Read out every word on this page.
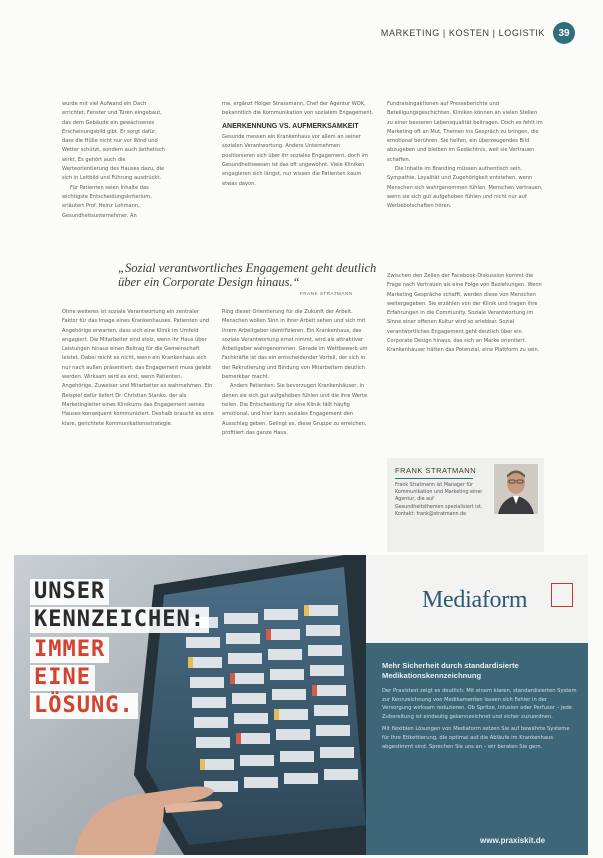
MARKETING | KOSTEN | LOGISTIK	39

wurde mit viel Aufwand ein Dach errichtet, Fenster und Türen eingebaut, das dem Gebäude ein gewachsenes Erscheinungsbild gibt. Er sorgt dafür, dass die Hülle nicht nur vor Wind und Wetter schützt, sondern auch ästhetisch wirkt. Es gehört auch die Werteorientierung des Hauses dazu, die sich in Leitbild und Führung ausdrückt.

Für Patienten seien Inhalte das wichtigste Entscheidungskriterium, erläutert Prof. Heinz Lohmann, Gesundheitsunternehmer. An

me, ergänzt Holger Strassmann, Chef der Agentur WOK, bekanntlich die Kommunikation von sozialem Engagement.

ANERKENNUNG VS. AUFMERKSAMKEIT

Gesunde messen ein Krankenhaus vor allem an seiner sozialen Verantwortung. Andere Unternehmen positionieren sich über ihr soziales Engagement, doch im Gesundheitswesen ist das oft ungewohnt. Viele Kliniken engagieren sich längst, nur wissen die Patienten kaum etwas davon.

Fundraisingaktionen auf Presseberichte und Beteiligungsgeschichten. Kliniken können an vielen Stellen zu einer besseren Lebensqualität beitragen. Doch es fehlt im Marketing oft an Mut, Themen ins Gespräch zu bringen, die emotional berühren. Sie helfen, ein überzeugendes Bild abzugeben und bleiben im Gedächtnis, weil sie Vertrauen schaffen.

Die Inhalte im Branding müssen authentisch sein. Sympathie, Loyalität und Zugehörigkeit entstehen, wenn Menschen sich wahrgenommen fühlen. Menschen vertrauen, wenn sie sich gut aufgehoben fühlen und nicht nur auf Werbebotschaften hören.

„Sozial verantwortliches Engagement geht deutlich über ein Corporate Design hinaus.“
FRANK STRATMANN

Ohne weiteres ist soziale Verantwortung ein zentraler Faktor für das Image eines Krankenhauses. Patienten und Angehörige erwarten, dass sich eine Klinik im Umfeld engagiert. Die Mitarbeiter sind stolz, wenn ihr Haus über Leistungen hinaus einen Beitrag für die Gemeinschaft leistet. Dabei reicht es nicht, wenn ein Krankenhaus sich nur nach außen präsentiert; das Engagement muss gelebt werden. Wirksam wird es erst, wenn Patienten, Angehörige, Zuweiser und Mitarbeiter es wahrnehmen. Ein Beispiel dafür liefert Dr. Christian Stanko, der als Marketingleiter eines Klinikums das Engagement seines Hauses konsequent kommuniziert. Deshalb braucht es eine klare, gerichtete Kommunikationsstrategie.

Ring dieser Orientierung für die Zukunft der Arbeit. Menschen wollen Sinn in ihrer Arbeit sehen und sich mit ihrem Arbeitgeber identifizieren. Ein Krankenhaus, das soziale Verantwortung ernst nimmt, wird als attraktiver Arbeitgeber wahrgenommen. Gerade im Wettbewerb um Fachkräfte ist das ein entscheidender Vorteil, der sich in der Rekrutierung und Bindung von Mitarbeitern deutlich bemerkbar macht.

Anders Patienten: Sie bevorzugen Krankenhäuser, in denen sie sich gut aufgehoben fühlen und die ihre Werte teilen. Die Entscheidung für eine Klinik fällt häufig emotional, und hier kann soziales Engagement den Ausschlag geben. Gelingt es, diese Gruppe zu erreichen, profitiert das ganze Haus.

Zwischen den Zeilen der Facebook-Diskussion kommt die Frage nach Vertrauen als eine Folge von Beziehungen. Wenn Marketing Gespräche schafft, werden diese von Menschen weitergegeben. Sie erzählen von der Klinik und tragen ihre Erfahrungen in die Community. Soziale Verantwortung im Sinne einer offenen Kultur wird so erlebbar. Sozial verantwortliches Engagement geht deutlich über ein Corporate Design hinaus, das sich an Marke orientiert. Krankenhäuser hätten das Potenzial, eine Plattform zu sein.

FRANK STRATMANN
Frank Stratmann ist Manager für Kommunikation und Marketing einer Agentur, die auf Gesundheitsthemen spezialisiert ist. Kontakt: frank@stratmann.de
UNSER
KENNZEICHEN:
IMMER
EINE
LÖSUNG.
Mediaform
Mehr Sicherheit durch standardisierte Medikationskennzeichnung

Der Praxistest zeigt es deutlich: Mit einem klaren, standardisierten System zur Kennzeichnung von Medikamenten lassen sich Fehler in der Versorgung wirksam reduzieren. Ob Spritze, Infusion oder Perfusor – jede Zubereitung ist eindeutig gekennzeichnet und sicher zuzuordnen.

Mit flexiblen Lösungen von Mediaform setzen Sie auf bewährte Systeme für Ihre Etikettierung, die optimal auf die Abläufe im Krankenhaus abgestimmt sind. Sprechen Sie uns an – wir beraten Sie gern.

www.praxiskit.de
